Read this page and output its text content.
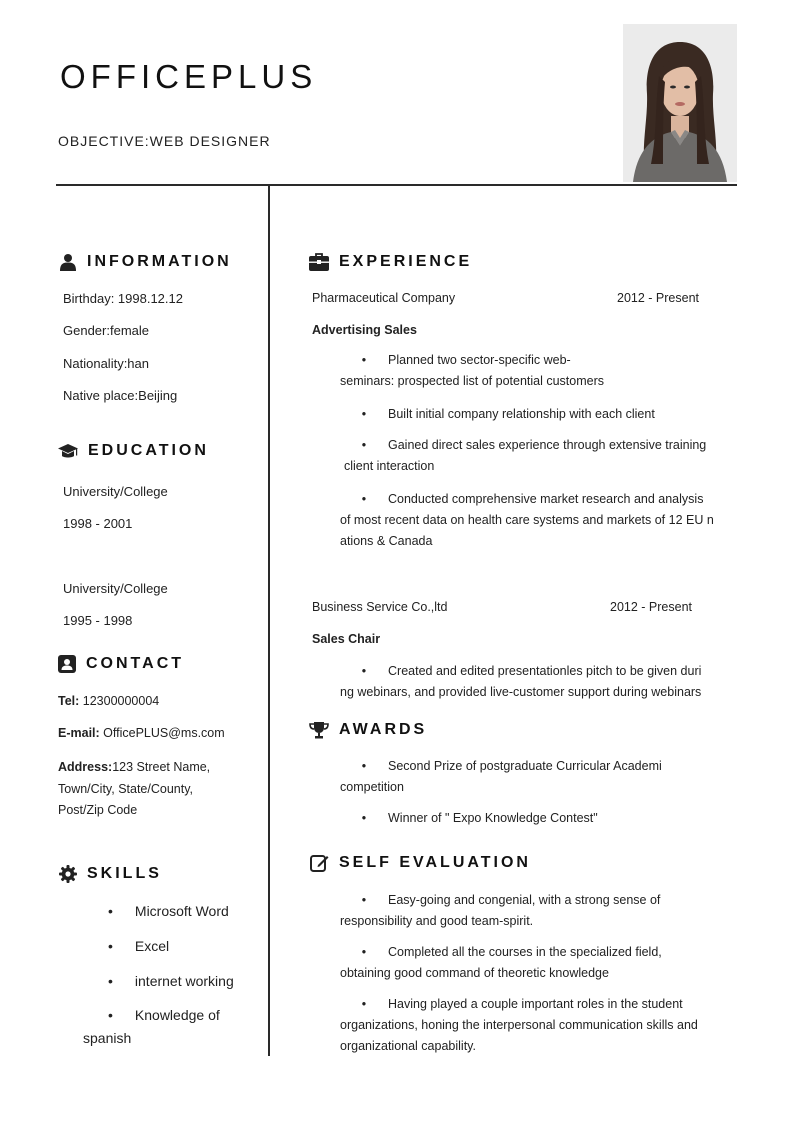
OFFICEPLUS
OBJECTIVE:WEB DESIGNER
INFORMATION
Birthday: 1998.12.12
Gender:female
Nationality:han
Native place:Beijing
EDUCATION
University/College
1998 - 2001
University/College
1995 - 1998
CONTACT
Tel: 12300000004
E-mail: OfficePLUS@ms.com
Address:123 Street Name,
Town/City, State/County,
Post/Zip Code
SKILLS
• Microsoft Word
• Excel
• internet working
• Knowledge of
spanish
EXPERIENCE
Pharmaceutical Company	2012 - Present
Advertising Sales
• Planned two sector-specific web-
seminars: prospected list of potential customers
• Built initial company relationship with each client
• Gained direct sales experience through extensive training
client interaction
• Conducted comprehensive market research and analysis
of most recent data on health care systems and markets of 12 EU n
ations & Canada
Business Service Co.,ltd	2012 - Present
Sales Chair
• Created and edited presentationles pitch to be given duri
ng webinars, and provided live-customer support during webinars
AWARDS
• Second Prize of postgraduate Curricular Academi
competition
• Winner of " Expo Knowledge Contest"
SELF EVALUATION
• Easy-going and congenial, with a strong sense of
responsibility and good team-spirit.
• Completed all the courses in the specialized field,
obtaining good command of theoretic knowledge
• Having played a couple important roles in the student
organizations, honing the interpersonal communication skills and
organizational capability.
